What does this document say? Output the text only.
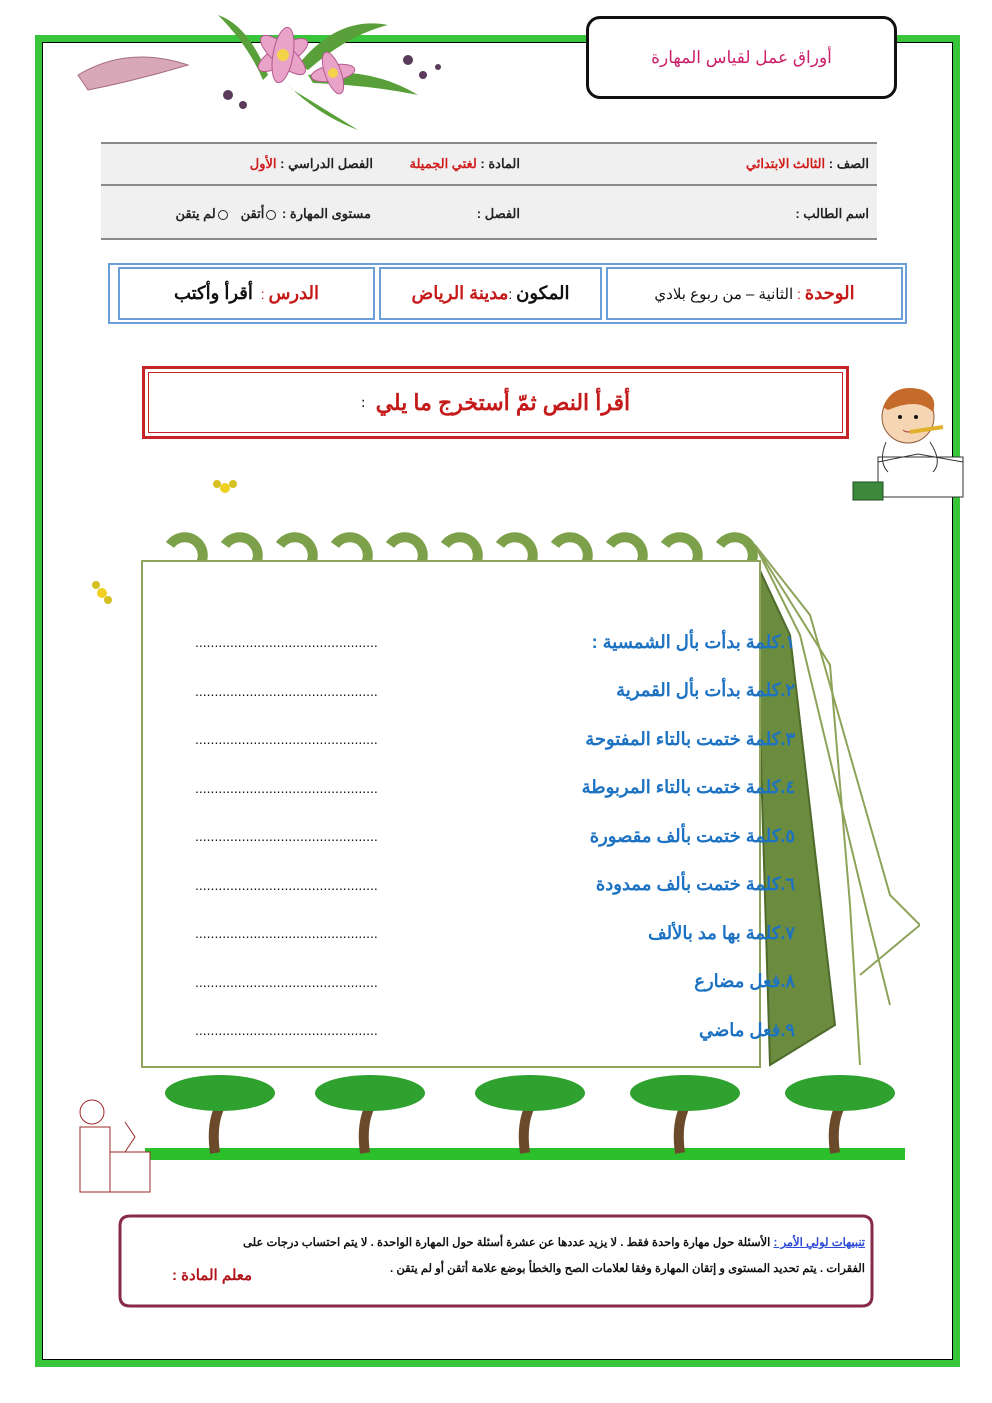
أوراق عمل لقياس المهارة
الصف : الثالث الابتدائي
المادة : لغتي الجميلة
الفصل الدراسي : الأول
اسم الطالب :
الفصل :
مستوى المهارة : أتقن   لم يتقن
الوحدة
:
الثانية – من ربوع بلادي
المكون
:
مدينة الرياض
الدرس
:
أقرأ وأكتب
أقرأ النص ثمّ أستخرج ما يلي
:
١.كلمة بدأت بأل الشمسية :
...............................................
٢.كلمة بدأت بأل القمرية
...............................................
٣.كلمة ختمت بالتاء المفتوحة
...............................................
٤.كلمة ختمت بالتاء المربوطة
...............................................
٥.كلمة ختمت بألف مقصورة
...............................................
٦.كلمة ختمت بألف ممدودة
...............................................
٧.كلمة بها مد بالألف
...............................................
٨.فعل مضارع
...............................................
٩.فعل ماضي
...............................................
تنبيهات لولي الأمر : الأسئلة حول مهارة واحدة فقط . لا يزيد عددها عن عشرة أسئلة حول المهارة الواحدة . لا يتم احتساب درجات على
الفقرات . يتم تحديد المستوى و إتقان المهارة وفقا لعلامات الصح والخطأ بوضع علامة أتقن أو لم يتقن .
معلم المادة :
